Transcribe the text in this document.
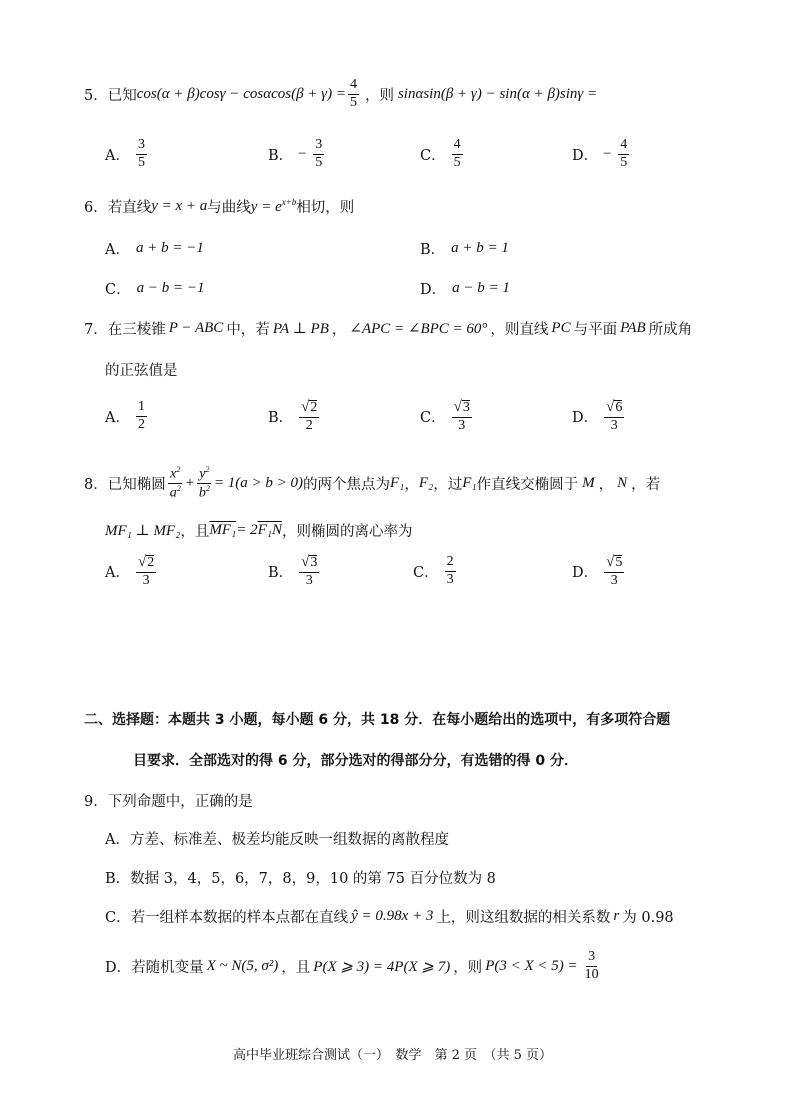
5．已知 $\cos(\alpha + \beta)\cos\gamma - \cos\alpha\cos(\beta + \gamma) = \frac{4}{5}$ ，则 sinαsin(β + γ) − sin(α + β)sinγ =
A． $\frac{3}{5}$	B． − $\frac{3}{5}$	C． $\frac{4}{5}$	D． − $\frac{4}{5}$
6．若直线 y = x + a 与曲线 $y = e^{x+b}$ 相切，则
A． a + b = −1	B． a + b = 1
C． a − b = −1	D． a − b = 1
7．在三棱锥 P − ABC 中，若 PA ⊥ PB ， ∠APC = ∠BPC = 60° ，则直线 PC 与平面 PAB 所成角
的正弦值是
A． $\frac{1}{2}$	B． $\frac{√2}{2}$	C． $\frac{√3}{3}$	D． $\frac{√6}{3}$
8．已知椭圆 $\frac{x^2}{a^2} + \frac{y^2}{b^2} = 1(a > b > 0)$ 的两个焦点为 F₁ ， F₂ ，过 F₁ 作直线交椭圆于 M ， N ，若
MF₁ ⊥ MF₂ ，且 MF₁ = 2 F₁N ，则椭圆的离心率为
A． $\frac{√2}{3}$	B． $\frac{√3}{3}$	C． $\frac{2}{3}$	D． $\frac{√5}{3}$
二、选择题：本题共 3 小题，每小题 6 分，共 18 分．在每小题给出的选项中，有多项符合题
目要求．全部选对的得 6 分，部分选对的得部分分，有选错的得 0 分．
9．下列命题中，正确的是
A．方差、标准差、极差均能反映一组数据的离散程度
B．数据 3，4，5，6，7，8，9，10 的第 75 百分位数为 8
C．若一组样本数据的样本点都在直线 ŷ = 0.98x + 3 上，则这组数据的相关系数 r 为 0.98
D．若随机变量 X ~ N(5, σ²) ，且 P(X ⩾ 3) = 4P(X ⩾ 7) ，则 $P(3 < X < 5) = \frac{3}{10}$
高中毕业班综合测试（一）　数学　第 2 页　（共 5 页）
